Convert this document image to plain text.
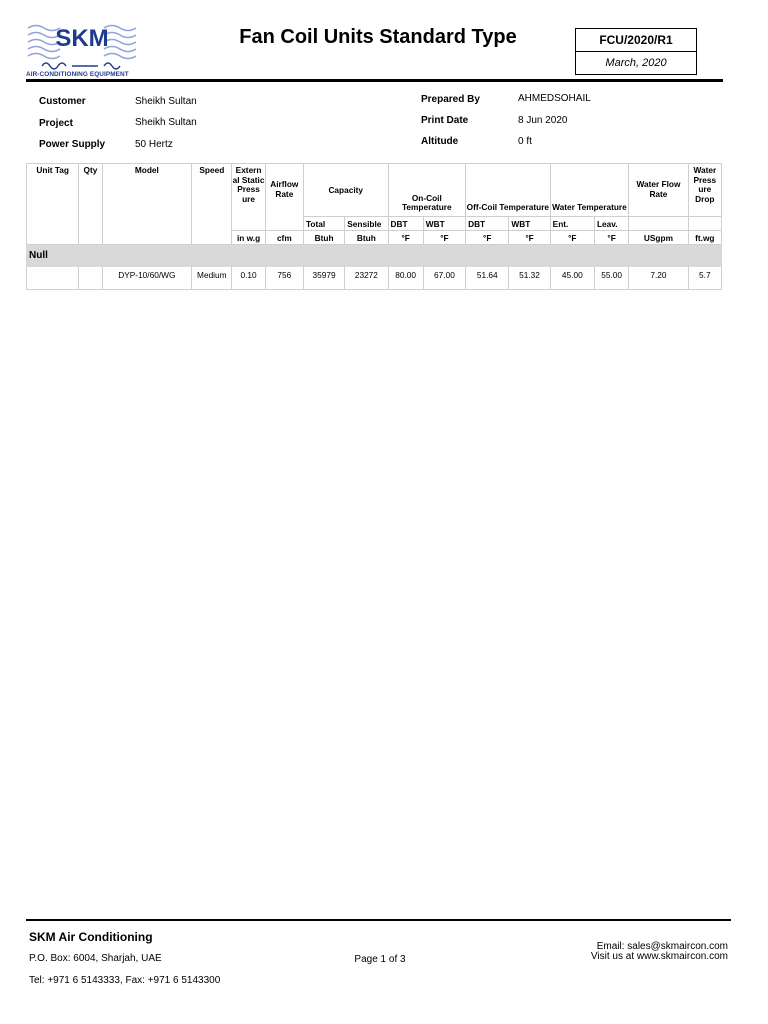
SKM
AIR-CONDITIONING EQUIPMENT
Fan Coil Units Standard Type	FCU/2020/R1
March, 2020
Customer	Sheikh Sultan
Project	Sheikh Sultan
Power Supply	50 Hertz
Prepared By	AHMEDSOHAIL
Print Date	8 Jun 2020
Altitude	0 ft
Unit Tag	Qty	Model	Speed	Extern al Static Press ure	Airflow Rate	Capacity		On-Coil Temperature		Off-Coil Temperature		Water Temperature		Water Flow Rate	Water Press ure Drop
						Total	Sensible	DBT	WBT	DBT	WBT	Ent.	Leav.		
				in w.g	cfm	Btuh	Btuh	°F	°F	°F	°F	°F	°F	USgpm	ft.wg
Null															
		DYP-10/60/WG	Medium	0.10	756	35979	23272	80.00	67.00	51.64	51.32	45.00	55.00	7.20	5.7
SKM Air Conditioning
P.O. Box: 6004, Sharjah, UAE
Tel: +971 6 5143333, Fax: +971 6 5143300
Page 1 of 3
Email: sales@skmaircon.com
Visit us at www.skmaircon.com
